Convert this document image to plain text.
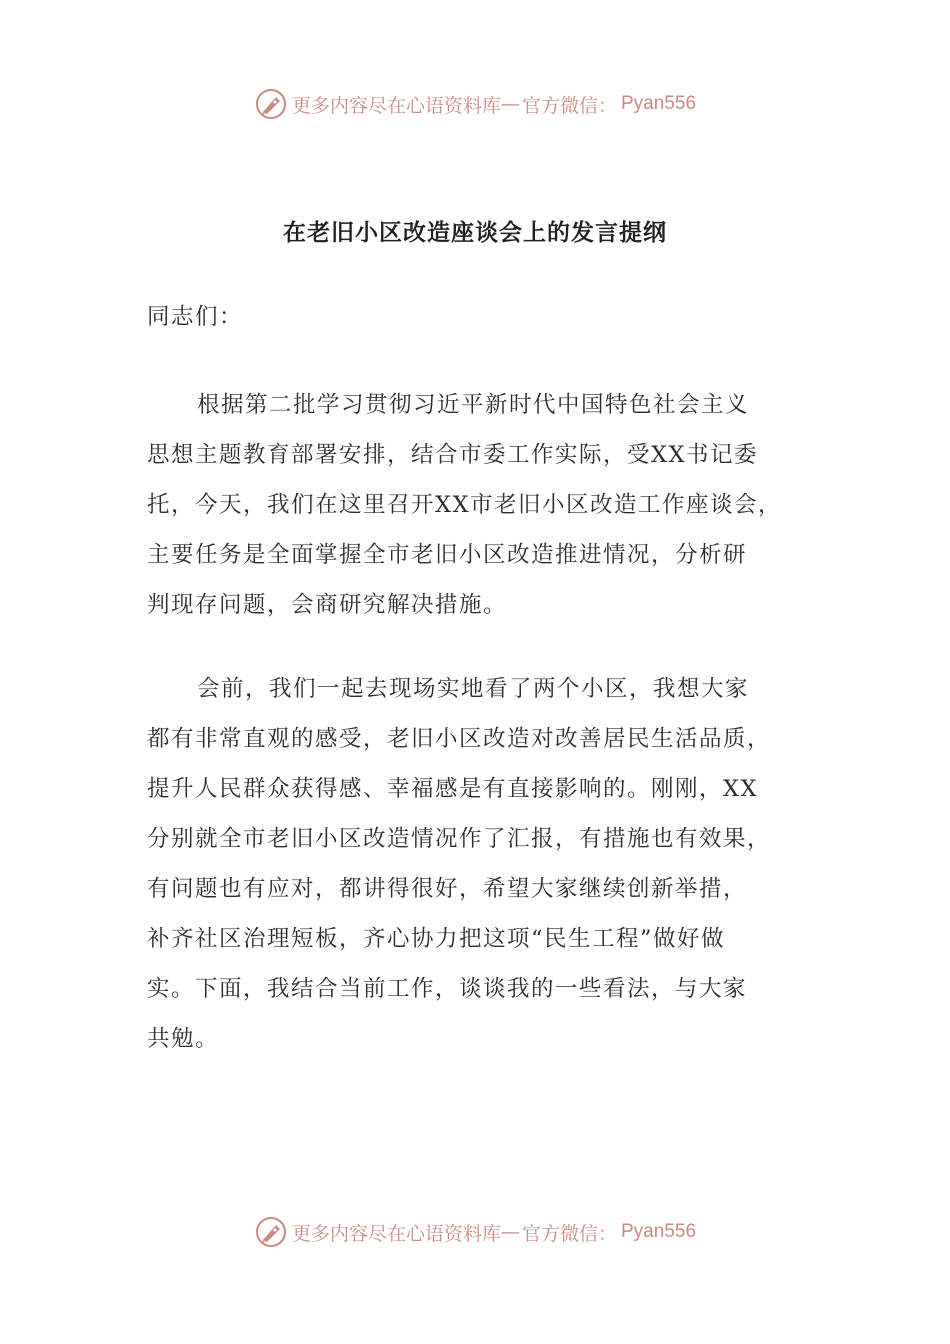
更多内容尽在心语资料库 — 官方微信： Pyan556
在老旧小区改造座谈会上的发言提纲
同志们：
根据第二批学习贯彻习近平新时代中国特色社会主义
思想主题教育部署安排，结合市委工作实际，受XX书记委
托，今天，我们在这里召开XX市老旧小区改造工作座谈会，
主要任务是全面掌握全市老旧小区改造推进情况，分析研
判现存问题，会商研究解决措施。
会前，我们一起去现场实地看了两个小区，我想大家
都有非常直观的感受，老旧小区改造对改善居民生活品质，
提升人民群众获得感、幸福感是有直接影响的。刚刚，XX
分别就全市老旧小区改造情况作了汇报，有措施也有效果，
有问题也有应对，都讲得很好，希望大家继续创新举措，
补齐社区治理短板，齐心协力把这项“民生工程”做好做
实。下面，我结合当前工作，谈谈我的一些看法，与大家
共勉。
更多内容尽在心语资料库 — 官方微信： Pyan556
